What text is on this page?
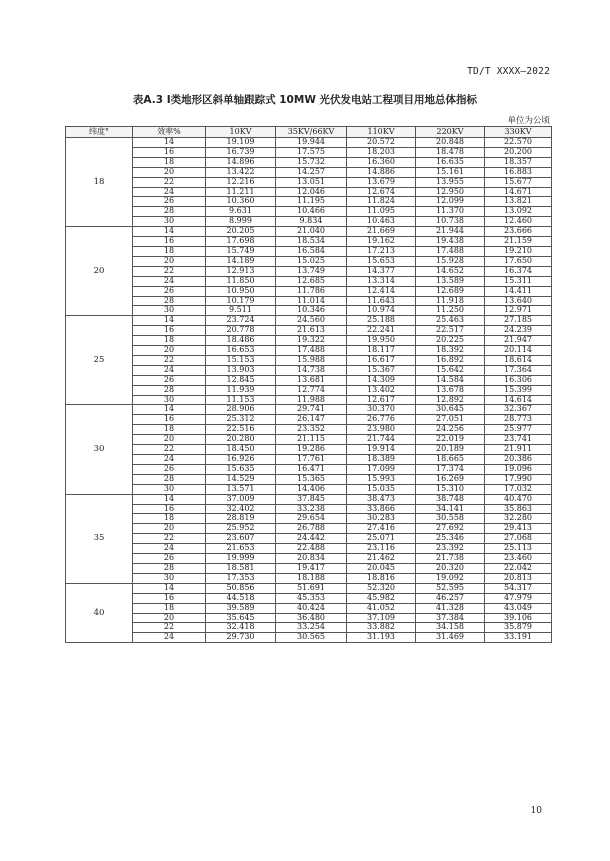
TD/T XXXX—2022
表A.3 Ⅰ类地形区斜单轴跟踪式 10MW 光伏发电站工程项目用地总体指标
单位为公顷
纬度°	效率%	10KV	35KV/66KV	110KV	220KV	330KV
18	14	19.109	19.944	20.572	20.848	22.570
	16	16.739	17.575	18.203	18.478	20.200
	18	14.896	15.732	16.360	16.635	18.357
	20	13.422	14.257	14.886	15.161	16.883
	22	12.216	13.051	13.679	13.955	15.677
	24	11.211	12.046	12.674	12.950	14.671
	26	10.360	11.195	11.824	12.099	13.821
	28	9.631	10.466	11.095	11.370	13.092
	30	8.999	9.834	10.463	10.738	12.460
20	14	20.205	21.040	21.669	21.944	23.666
	16	17.698	18.534	19.162	19.438	21.159
	18	15.749	16.584	17.213	17.488	19.210
	20	14.189	15.025	15.653	15.928	17.650
	22	12.913	13.749	14.377	14.652	16.374
	24	11.850	12.685	13.314	13.589	15.311
	26	10.950	11.786	12.414	12.689	14.411
	28	10.179	11.014	11.643	11.918	13.640
	30	9.511	10.346	10.974	11.250	12.971
25	14	23.724	24.560	25.188	25.463	27.185
	16	20.778	21.613	22.241	22.517	24.239
	18	18.486	19.322	19.950	20.225	21.947
	20	16.653	17.488	18.117	18.392	20.114
	22	15.153	15.988	16.617	16.892	18.614
	24	13.903	14.738	15.367	15.642	17.364
	26	12.845	13.681	14.309	14.584	16.306
	28	11.939	12.774	13.402	13.678	15.399
	30	11.153	11.988	12.617	12.892	14.614
30	14	28.906	29.741	30.370	30.645	32.367
	16	25.312	26.147	26.776	27.051	28.773
	18	22.516	23.352	23.980	24.256	25.977
	20	20.280	21.115	21.744	22.019	23.741
	22	18.450	19.286	19.914	20.189	21.911
	24	16.926	17.761	18.389	18.665	20.386
	26	15.635	16.471	17.099	17.374	19.096
	28	14.529	15.365	15.993	16.269	17.990
	30	13.571	14.406	15.035	15.310	17.032
35	14	37.009	37.845	38.473	38.748	40.470
	16	32.402	33.238	33.866	34.141	35.863
	18	28.819	29.654	30.283	30.558	32.280
	20	25.952	26.788	27.416	27.692	29.413
	22	23.607	24.442	25.071	25.346	27.068
	24	21.653	22.488	23.116	23.392	25.113
	26	19.999	20.834	21.462	21.738	23.460
	28	18.581	19.417	20.045	20.320	22.042
	30	17.353	18.188	18.816	19.092	20.813
40	14	50.856	51.691	52.320	52.595	54.317
	16	44.518	45.353	45.982	46.257	47.979
	18	39.589	40.424	41.052	41.328	43.049
	20	35.645	36.480	37.109	37.384	39.106
	22	32.418	33.254	33.882	34.158	35.879
	24	29.730	30.565	31.193	31.469	33.191
10
